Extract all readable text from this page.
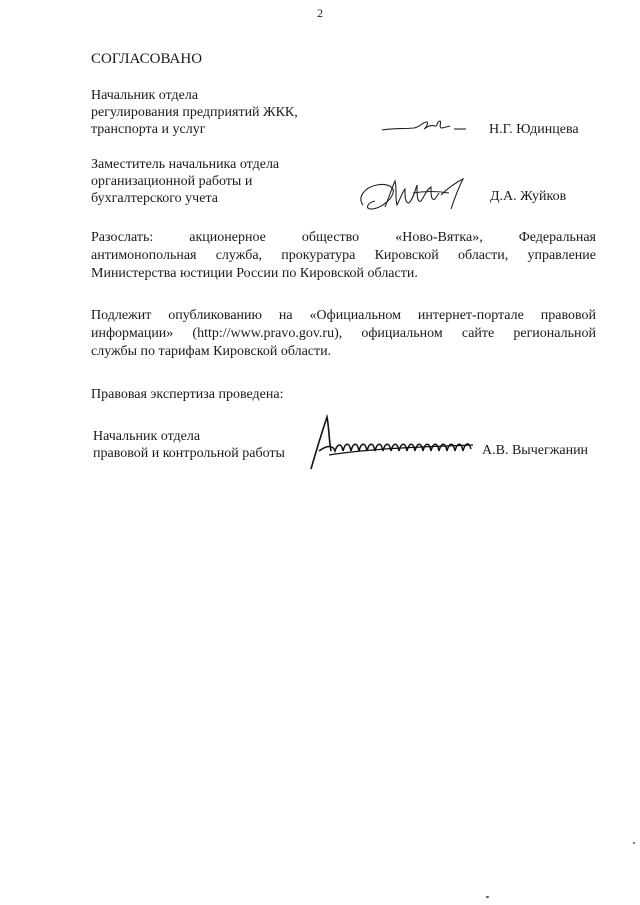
2
СОГЛАСОВАНО
Начальник отдела
регулирования предприятий ЖКК,
транспорта и услуг	Н.Г. Юдинцева
Заместитель начальника отдела
организационной работы и
бухгалтерского учета	Д.А. Жуйков
Разослать: акционерное общество «Ново-Вятка», Федеральная
антимонопольная служба, прокуратура Кировской области, управление
Министерства юстиции России по Кировской области.
Подлежит опубликованию на «Официальном интернет-портале правовой
информации» (http://www.pravo.gov.ru), официальном сайте региональной
службы по тарифам Кировской области.
Правовая экспертиза проведена:
Начальник отдела
правовой и контрольной работы	А.В. Вычегжанин
